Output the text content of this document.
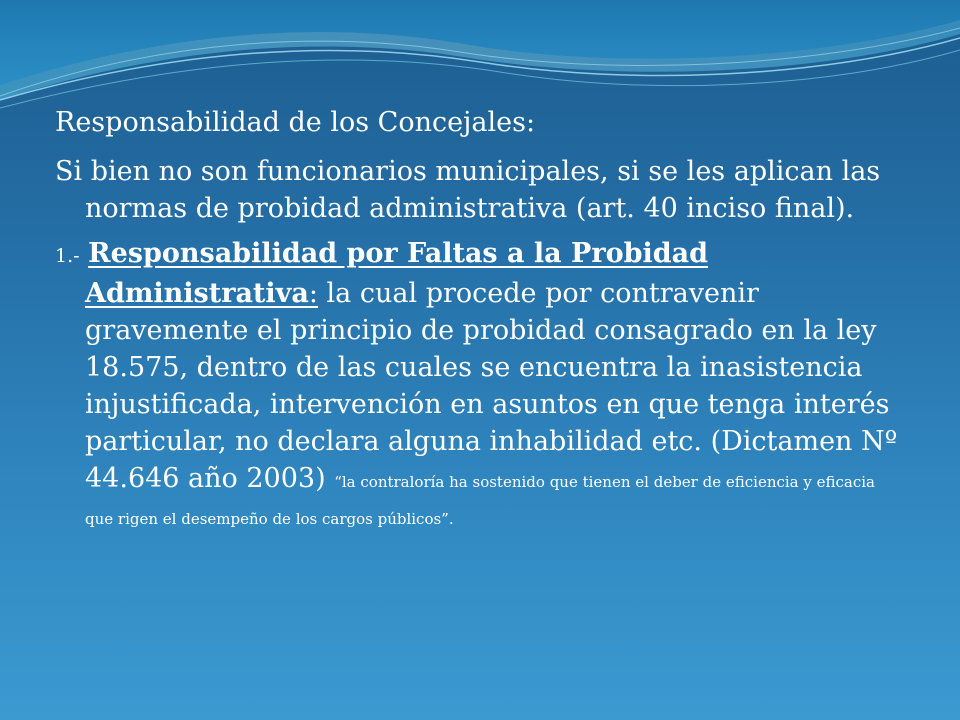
Responsabilidad de los Concejales:

Si bien no son funcionarios municipales, si se les aplican las normas de probidad administrativa (art. 40 inciso final).

1.- Responsabilidad por Faltas a la Probidad Administrativa: la cual procede por contravenir gravemente el principio de probidad consagrado en la ley 18.575, dentro de las cuales se encuentra la inasistencia injustificada, intervención en asuntos en que tenga interés particular, no declara alguna inhabilidad etc. (Dictamen Nº 44.646 año 2003) “la contraloría ha sostenido que tienen el deber de eficiencia y eficacia que rigen el desempeño de los cargos públicos”.
